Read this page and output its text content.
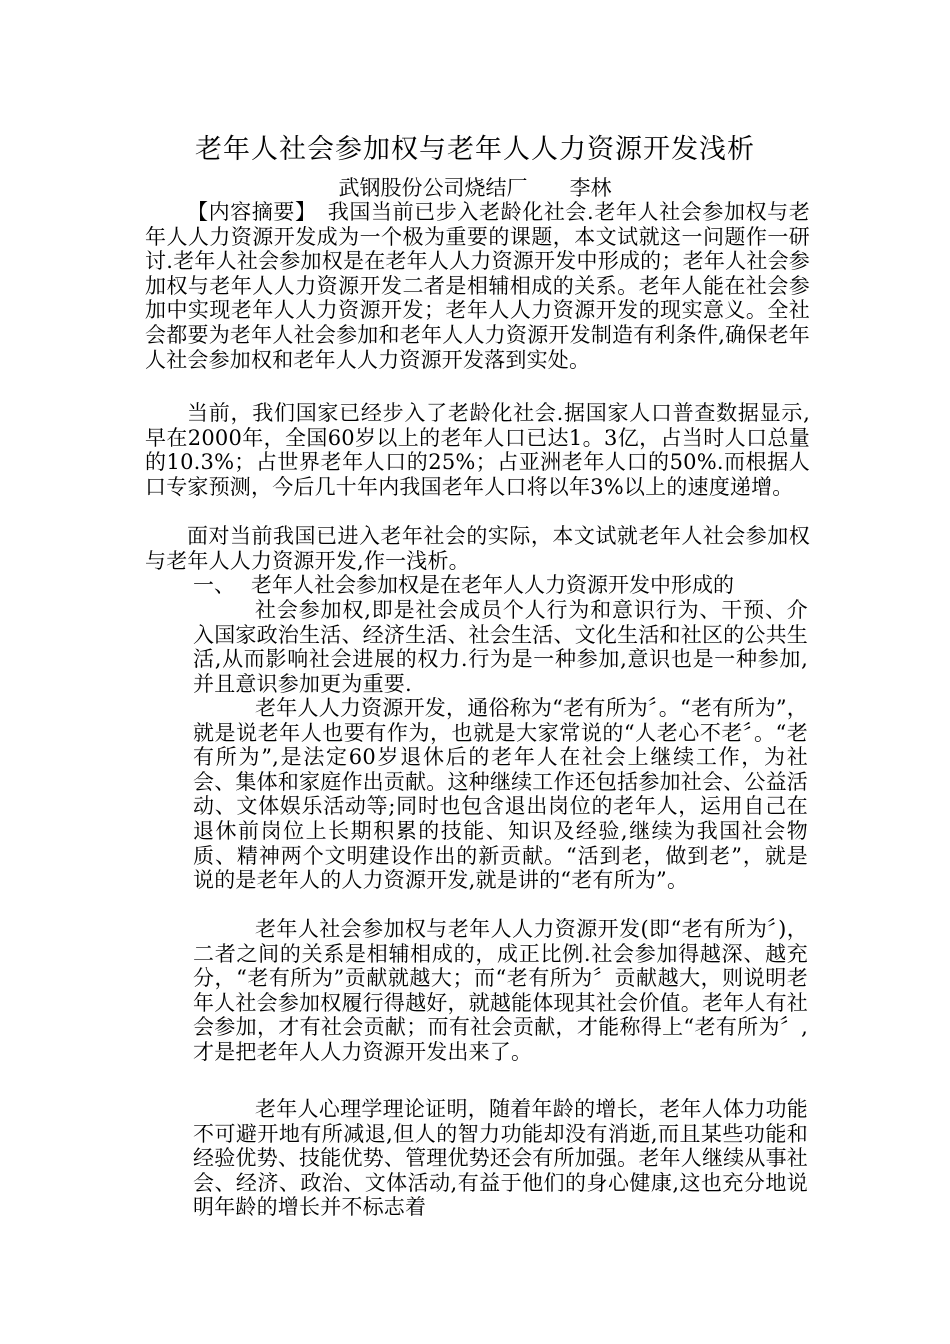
老年人社会参加权与老年人人力资源开发浅析
武钢股份公司烧结厂　　李林

【内容摘要】　我国当前已步入老龄化社会.老年人社会参加权与老年人人力资源开发成为一个极为重要的课题，本文试就这一问题作一研讨.老年人社会参加权是在老年人人力资源开发中形成的；老年人社会参加权与老年人人力资源开发二者是相辅相成的关系。老年人能在社会参加中实现老年人人力资源开发；老年人人力资源开发的现实意义。全社会都要为老年人社会参加和老年人人力资源开发制造有利条件,确保老年人社会参加权和老年人人力资源开发落到实处。

当前，我们国家已经步入了老龄化社会.据国家人口普查数据显示,早在2000年，全国60岁以上的老年人口已达1。3亿，占当时人口总量的10.3%；占世界老年人口的25%；占亚洲老年人口的50%.而根据人口专家预测，今后几十年内我国老年人口将以年3%以上的速度递增。

面对当前我国已进入老年社会的实际，本文试就老年人社会参加权与老年人人力资源开发,作一浅析。

一、 老年人社会参加权是在老年人人力资源开发中形成的

社会参加权,即是社会成员个人行为和意识行为、干预、介入国家政治生活、经济生活、社会生活、文化生活和社区的公共生活,从而影响社会进展的权力.行为是一种参加,意识也是一种参加,并且意识参加更为重要.

老年人人力资源开发，通俗称为“老有所为〞。“老有所为”，就是说老年人也要有作为，也就是大家常说的“人老心不老〞。“老有所为”,是法定60岁退休后的老年人在社会上继续工作，为社会、集体和家庭作出贡献。这种继续工作还包括参加社会、公益活动、文体娱乐活动等;同时也包含退出岗位的老年人，运用自己在退休前岗位上长期积累的技能、知识及经验,继续为我国社会物质、精神两个文明建设作出的新贡献。“活到老，做到老”，就是说的是老年人的人力资源开发,就是讲的“老有所为”。

老年人社会参加权与老年人人力资源开发(即“老有所为〞)，二者之间的关系是相辅相成的，成正比例.社会参加得越深、越充分，“老有所为”贡献就越大；而“老有所为〞贡献越大，则说明老年人社会参加权履行得越好，就越能体现其社会价值。老年人有社会参加，才有社会贡献；而有社会贡献，才能称得上“老有所为〞,才是把老年人人力资源开发出来了。

老年人心理学理论证明，随着年龄的增长，老年人体力功能不可避开地有所减退,但人的智力功能却没有消逝,而且某些功能和经验优势、技能优势、管理优势还会有所加强。老年人继续从事社会、经济、政治、文体活动,有益于他们的身心健康,这也充分地说明年龄的增长并不标志着
